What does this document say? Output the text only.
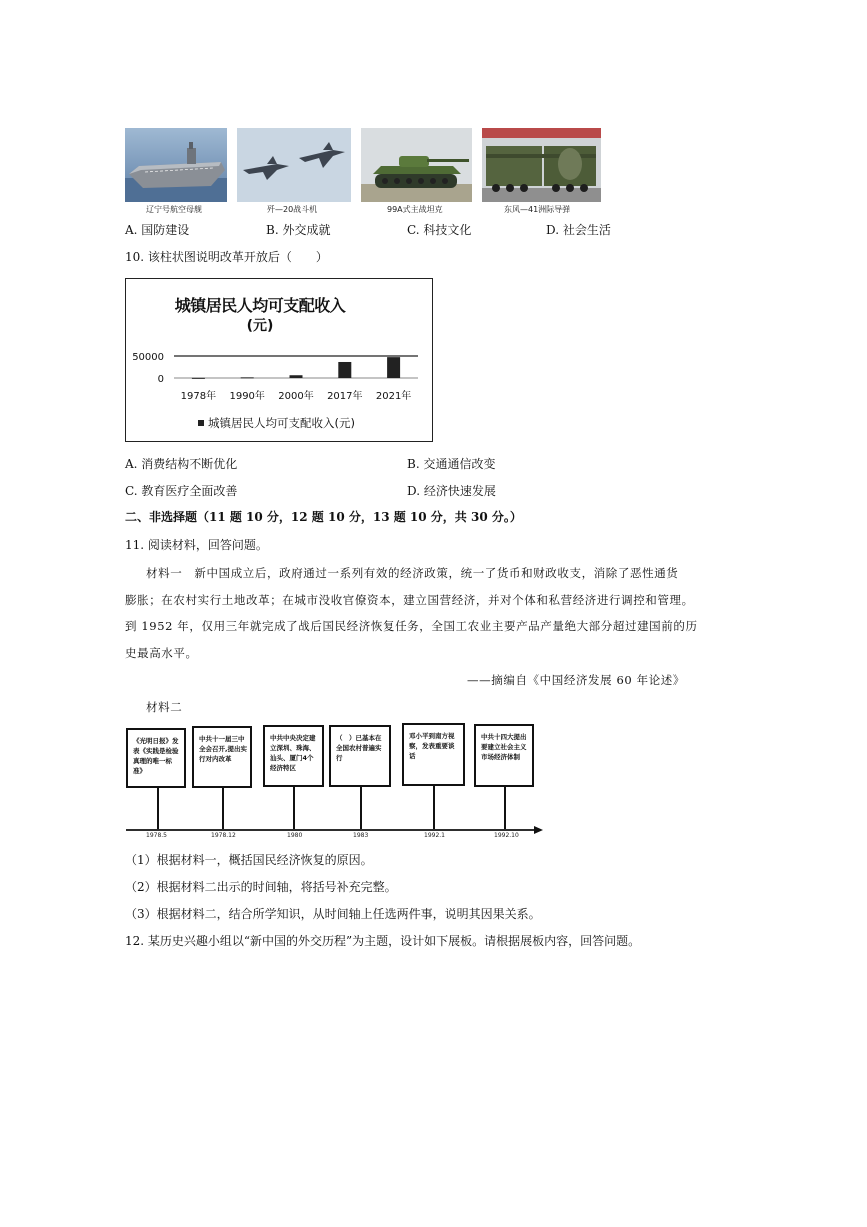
辽宁号航空母舰	歼—20战斗机	99A式主战坦克	东风—41洲际导弹
A. 国防建设	B. 外交成就	C. 科技文化	D. 社会生活
10. 该柱状图说明改革开放后（　　）
城镇居民人均可支配收入
(元)
50000
0
1978年 1990年 2000年 2017年 2021年
城镇居民人均可支配收入(元)
A. 消费结构不断优化	B. 交通通信改变
C. 教育医疗全面改善	D. 经济快速发展
二、非选择题（11 题 10 分，12 题 10 分，13 题 10 分，共 30 分。）
11. 阅读材料，回答问题。
材料一　新中国成立后，政府通过一系列有效的经济政策，统一了货币和财政收支，消除了恶性通货
膨胀；在农村实行土地改革；在城市没收官僚资本，建立国营经济，并对个体和私营经济进行调控和管理。
到 1952 年，仅用三年就完成了战后国民经济恢复任务，全国工农业主要产品产量绝大部分超过建国前的历
史最高水平。
——摘编自《中国经济发展 60 年论述》
材料二
《光明日报》发表《实践是检验真理的唯一标准》
中共十一届三中全会召开,提出实行对内改革
中共中央决定建立深圳、珠海、汕头、厦门4个经济特区
（　）已基本在全国农村普遍实行
邓小平到南方视察，发表重要谈话
中共十四大提出要建立社会主义市场经济体制
1978.5	1978.12	1980	1983	1992.1	1992.10
（1）根据材料一，概括国民经济恢复的原因。
（2）根据材料二出示的时间轴，将括号补充完整。
（3）根据材料二，结合所学知识，从时间轴上任选两件事，说明其因果关系。
12. 某历史兴趣小组以“新中国的外交历程”为主题，设计如下展板。请根据展板内容，回答问题。
